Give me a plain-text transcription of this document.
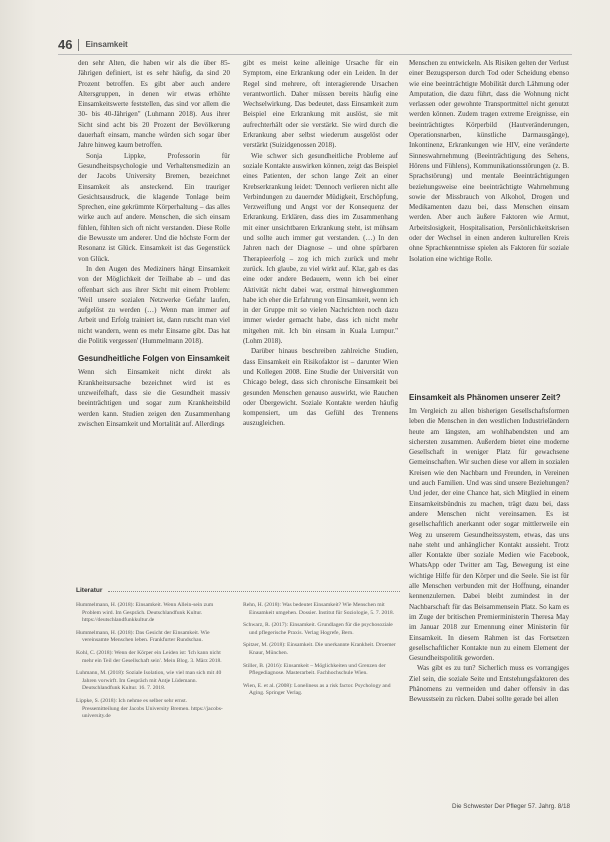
46 Einsamkeit

den sehr Alten, die haben wir als die über 85-Jährigen definiert, ist es sehr häufig, da sind 20 Prozent betroffen. Es gibt aber auch andere Altersgruppen, in denen wir etwas erhöhte Einsamkeitswerte feststellen, das sind vor allem die 30- bis 40-Jährigen" (Luhmann 2018). Aus ihrer Sicht sind acht bis 20 Prozent der Bevölkerung dauerhaft einsam, manche würden sich sogar über Jahre hinweg kaum betroffen.

Sonja Lippke, Professorin für Gesundheitspsychologie und Verhaltensmedizin an der Jacobs University Bremen, bezeichnet Einsamkeit als ansteckend. Ein trauriger Gesichtsausdruck, die klagende Tonlage beim Sprechen, eine gekrümmte Körperhaltung – das alles wirke auch auf andere. Menschen, die sich einsam fühlen, fühlten sich oft nicht verstanden. Diese Rolle die Bewusste um anderer. Und die höchste Form der Resonanz ist Glück. Einsamkeit ist das Gegenstück von Glück.

In den Augen des Mediziners hängt Einsamkeit von der Möglichkeit der Teilhabe ab – und das offenbart sich aus ihrer Sicht mit einem Problem: 'Weil unsere sozialen Netzwerke Gefahr laufen, aufgelöst zu werden (…) Wenn man immer auf Arbeit und Erfolg trainiert ist, dann rutscht man viel nicht wandern, wenn es mehr Einsame gibt. Das hat die Politik vergessen' (Hummelmann 2018).

Gesundheitliche Folgen von Einsamkeit

Wenn sich Einsamkeit nicht direkt als Krankheitsursache bezeichnet wird ist es unzweifelhaft, dass sie die Gesundheit massiv beeinträchtigen und sogar zum Krankheitsbild werden kann. Studien zeigen den Zusammenhang zwischen Einsamkeit und Mortalität auf. Allerdings

gibt es meist keine alleinige Ursache für ein Symptom, eine Erkrankung oder ein Leiden. In der Regel sind mehrere, oft interagierende Ursachen verantwortlich. Daher müssen bereits häufig eine Wechselwirkung. Das bedeutet, dass Einsamkeit zum Beispiel eine Erkrankung mit auslöst, sie mit aufrechterhält oder sie verstärkt. Sie wird durch die Erkrankung aber selbst wiederum ausgelöst oder verstärkt (Suizidgenossen 2018).

Wie schwer sich gesundheitliche Probleme auf soziale Kontakte auswirken können, zeigt das Beispiel eines Patienten, der schon lange Zeit an einer Krebserkrankung leidet: 'Dennoch verlieren nicht alle Verbindungen zu dauernder Müdigkeit, Erschöpfung, Verzweiflung und Angst vor der Konsequenz der Erkrankung. Erklären, dass dies im Zusammenhang mit einer unsichtbaren Erkrankung steht, ist mühsam und sollte auch immer gut verstanden. (…) In den Jahren nach der Diagnose – und ohne spürbaren Therapieerfolg – zog ich mich zurück und mehr zurück. Ich glaube, zu viel wirkt auf. Klar, gab es das eine oder andere Bedauern, wenn ich bei einer Aktivität nicht dabei war, erstmal hinwegkommen habe ich eher die Erfahrung von Einsamkeit, wenn ich in der Gruppe mit so vielen Nachrichten noch dazu immer wieder gemacht habe, dass ich nicht mehr mitgehen mit. Ich bin einsam in Kuala Lumpur." (Lohm 2018).

Darüber hinaus beschreiben zahlreiche Studien, dass Einsamkeit ein Risikofaktor ist – darunter Wien und Kollegen 2008. Eine Studie der Universität von Chicago belegt, dass sich chronische Einsamkeit bei gesunden Menschen genauso auswirkt, wie Rauchen oder Übergewicht. Soziale Kontakte werden häufig kompensiert, um das Gefühl des Trennens auszugleichen.

Menschen zu entwickeln. Als Risiken gelten der Verlust einer Bezugsperson durch Tod oder Scheidung ebenso wie eine beeinträchtigte Mobilität durch Lähmung oder Amputation, die dazu führt, dass die Wohnung nicht verlassen oder gewohnte Transportmittel nicht genutzt werden können. Zudem tragen extreme Ereignisse, ein beeinträchtigtes Körperbild (Hautveränderungen, Operationsnarben, künstliche Darmausgänge), Inkontinenz, Erkrankungen wie HIV, eine veränderte Sinneswahrnehmung (Beeinträchtigung des Sehens, Hörens und Fühlens), Kommunikationsstörungen (z. B. Sprachstörung) und mentale Beeinträchtigungen beziehungsweise eine beeinträchtigte Wahrnehmung sowie der Missbrauch von Alkohol, Drogen und Medikamenten dazu bei, dass Menschen einsam werden. Aber auch äußere Faktoren wie Armut, Arbeitslosigkeit, Hospitalisation, Persönlichkeitskrisen oder der Wechsel in einen anderen kulturellen Kreis ohne Sprachkenntnisse spielen als Faktoren für soziale Isolation eine wichtige Rolle.

Einsamkeit als Phänomen unserer Zeit?

Im Vergleich zu allen bisherigen Gesellschaftsformen leben die Menschen in den westlichen Industrieländern heute am längsten, am wohlhabendsten und am sichersten zusammen. Außerdem bietet eine moderne Gesellschaft in weniger Platz für gewachsene Gemeinschaften. Wir suchen diese vor allem in sozialen Kreisen wie den Nachbarn und Freunden, in Vereinen und auch Familien. Und was sind unsere Beziehungen? Und jeder, der eine Chance hat, sich Mitglied in einem Einsamkeitsbündnis zu machen, trägt dazu bei, dass andere Menschen nicht vereinsamen. Es ist gesellschaftlich anerkannt oder sogar mittlerweile ein Weg zu unserem Gesundheitssystem, etwas, das uns nahe steht und anhänglicher Kontakt aussieht. Trotz aller Kontakte über soziale Medien wie Facebook, WhatsApp oder Twitter am Tag, Bewegung ist eine wichtige Hilfe für den Körper und die Seele. Sie ist für alle Menschen verbunden mit der Hoffnung, einander kennenzulernen. Dabei bleibt zumindest in der Nachbarschaft für das Beisammensein Platz. So kam es im Zuge der britischen Premierministerin Theresa May im Januar 2018 zur Ernennung einer Ministerin für Einsamkeit. In diesem Rahmen ist das Fortsetzen gesellschaftlicher Kontakte nun zu einem Element der Gesundheitspolitik geworden.

Was gibt es zu tun? Sicherlich muss es vorrangiges Ziel sein, die soziale Seite und Entstehungsfaktoren des Phänomens zu vermeiden und daher offensiv in das Bewusstsein zu rücken. Dabei sollte gerade bei allen

Literatur

Hummelmann, H. (2018): Einsamkeit. Wenn Allein-sein zum Problem wird. Im Gespräch. Deutschlandfunk Kultur. https://deutschlandfunkkultur.de

Hummelmann, H. (2018): Das Gesicht der Einsamkeit. Wie vereinsamte Menschen leben. Frankfurter Rundschau.

Kohl, C. (2018): Wenn der Körper ein Leiden ist: 'Ich kann nicht mehr ein Teil der Gesellschaft sein'. Mein Blog. 3. März 2018.

Luhmann, M. (2018): Soziale Isolation, wie viel man sich mit 40 Jahren vorwirft. Im Gespräch mit Antje Lüdemann. Deutschlandfunk Kultur. 16. 7. 2018.

Lippke, S. (2018): Ich nehme es selber sehr ernst. Pressemitteilung der Jacobs University Bremen. https://jacobs-university.de

Rehn, H. (2018): Was bedeutet Einsamkeit? Wie Menschen mit Einsamkeit umgehen. Dossier. Institut für Soziologie, 5. 7. 2018.

Schwarz, R. (2017): Einsamkeit. Grundlagen für die psychosoziale und pflegerische Praxis. Verlag Hogrefe, Bern.

Spitzer, M. (2018): Einsamkeit. Die unerkannte Krankheit. Droemer Knaur, München.

Stiller, B. (2016): Einsamkeit – Möglichkeiten und Grenzen der Pflegediagnose. Masterarbeit. Fachhochschule Wien.

Wien, E. et al. (2008): Loneliness as a risk factor. Psychology and Aging. Springer Verlag.

Die Schwester Der Pfleger 57. Jahrg. 8/18
